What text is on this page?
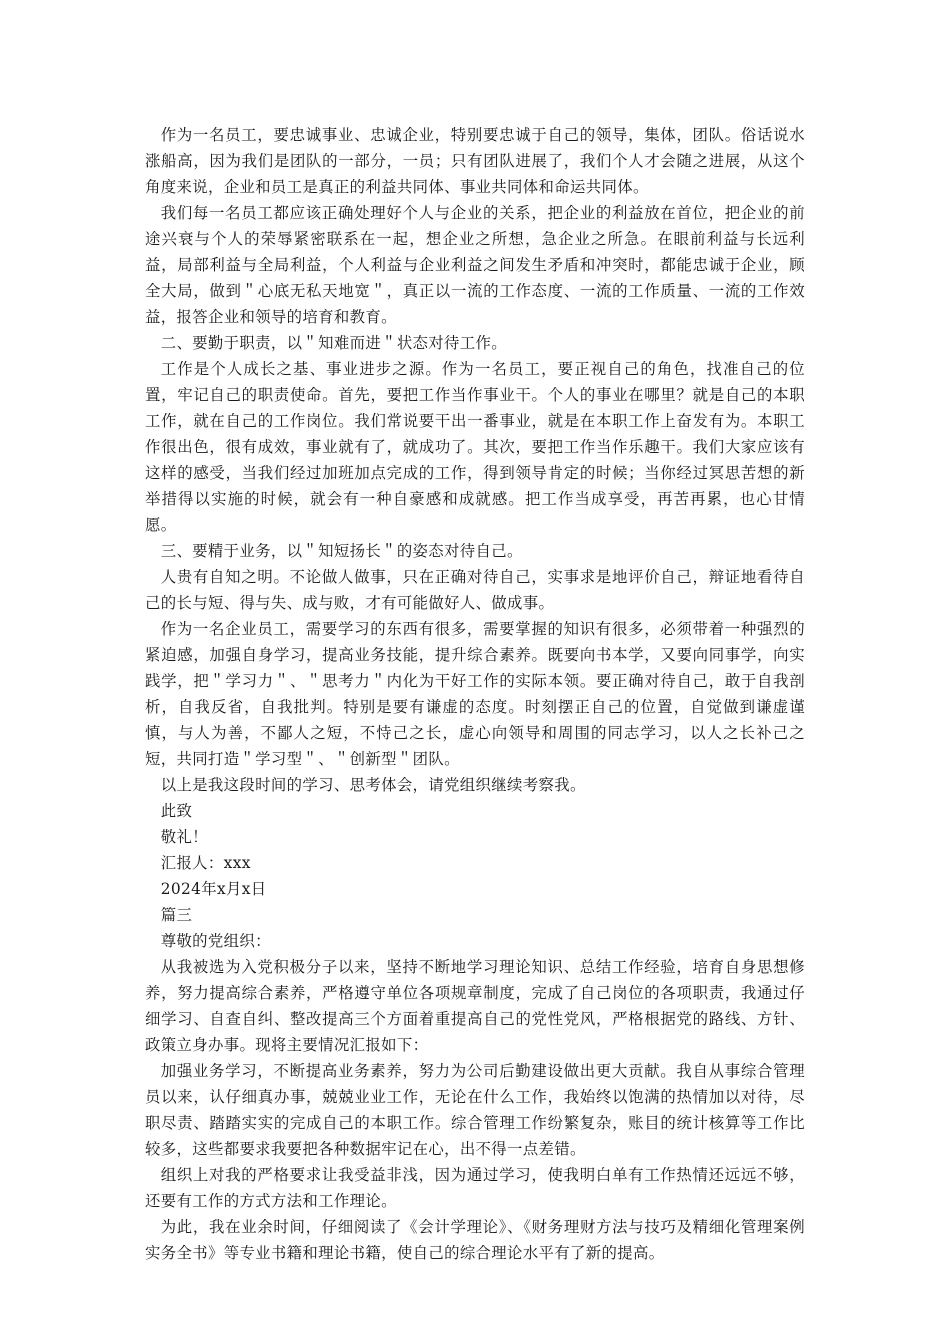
作为一名员工，要忠诚事业、忠诚企业，特别要忠诚于自己的领导，集体，团队。俗话说水涨船高，因为我们是团队的一部分，一员；只有团队进展了，我们个人才会随之进展，从这个角度来说，企业和员工是真正的利益共同体、事业共同体和命运共同体。

我们每一名员工都应该正确处理好个人与企业的关系，把企业的利益放在首位，把企业的前途兴衰与个人的荣辱紧密联系在一起，想企业之所想，急企业之所急。在眼前利益与长远利益，局部利益与全局利益，个人利益与企业利益之间发生矛盾和冲突时，都能忠诚于企业，顾全大局，做到＂心底无私天地宽＂，真正以一流的工作态度、一流的工作质量、一流的工作效益，报答企业和领导的培育和教育。

二、要勤于职责，以＂知难而进＂状态对待工作。

工作是个人成长之基、事业进步之源。作为一名员工，要正视自己的角色，找准自己的位置，牢记自己的职责使命。首先，要把工作当作事业干。个人的事业在哪里？就是自己的本职工作，就在自己的工作岗位。我们常说要干出一番事业，就是在本职工作上奋发有为。本职工作很出色，很有成效，事业就有了，就成功了。其次，要把工作当作乐趣干。我们大家应该有这样的感受，当我们经过加班加点完成的工作，得到领导肯定的时候；当你经过冥思苦想的新举措得以实施的时候，就会有一种自豪感和成就感。把工作当成享受，再苦再累，也心甘情愿。

三、要精于业务，以＂知短扬长＂的姿态对待自己。

人贵有自知之明。不论做人做事，只在正确对待自己，实事求是地评价自己，辩证地看待自己的长与短、得与失、成与败，才有可能做好人、做成事。

作为一名企业员工，需要学习的东西有很多，需要掌握的知识有很多，必须带着一种强烈的紧迫感，加强自身学习，提高业务技能，提升综合素养。既要向书本学，又要向同事学，向实践学，把＂学习力＂、＂思考力＂内化为干好工作的实际本领。要正确对待自己，敢于自我剖析，自我反省，自我批判。特别是要有谦虚的态度。时刻摆正自己的位置，自觉做到谦虚谨慎，与人为善，不鄙人之短，不恃己之长，虚心向领导和周围的同志学习，以人之长补己之短，共同打造＂学习型＂、＂创新型＂团队。

以上是我这段时间的学习、思考体会，请党组织继续考察我。

此致

敬礼！

汇报人：xxx

2024年x月x日

篇三

尊敬的党组织：

从我被选为入党积极分子以来，坚持不断地学习理论知识、总结工作经验，培育自身思想修养，努力提高综合素养，严格遵守单位各项规章制度，完成了自己岗位的各项职责，我通过仔细学习、自查自纠、整改提高三个方面着重提高自己的党性党风，严格根据党的路线、方针、政策立身办事。现将主要情况汇报如下：

加强业务学习，不断提高业务素养，努力为公司后勤建设做出更大贡献。我自从事综合管理员以来，认仔细真办事，兢兢业业工作，无论在什么工作，我始终以饱满的热情加以对待，尽职尽责、踏踏实实的完成自己的本职工作。综合管理工作纷繁复杂，账目的统计核算等工作比较多，这些都要求我要把各种数据牢记在心，出不得一点差错。

组织上对我的严格要求让我受益非浅，因为通过学习，使我明白单有工作热情还远远不够，还要有工作的方式方法和工作理论。

为此，我在业余时间，仔细阅读了《会计学理论》、《财务理财方法与技巧及精细化管理案例实务全书》等专业书籍和理论书籍，使自己的综合理论水平有了新的提高。
